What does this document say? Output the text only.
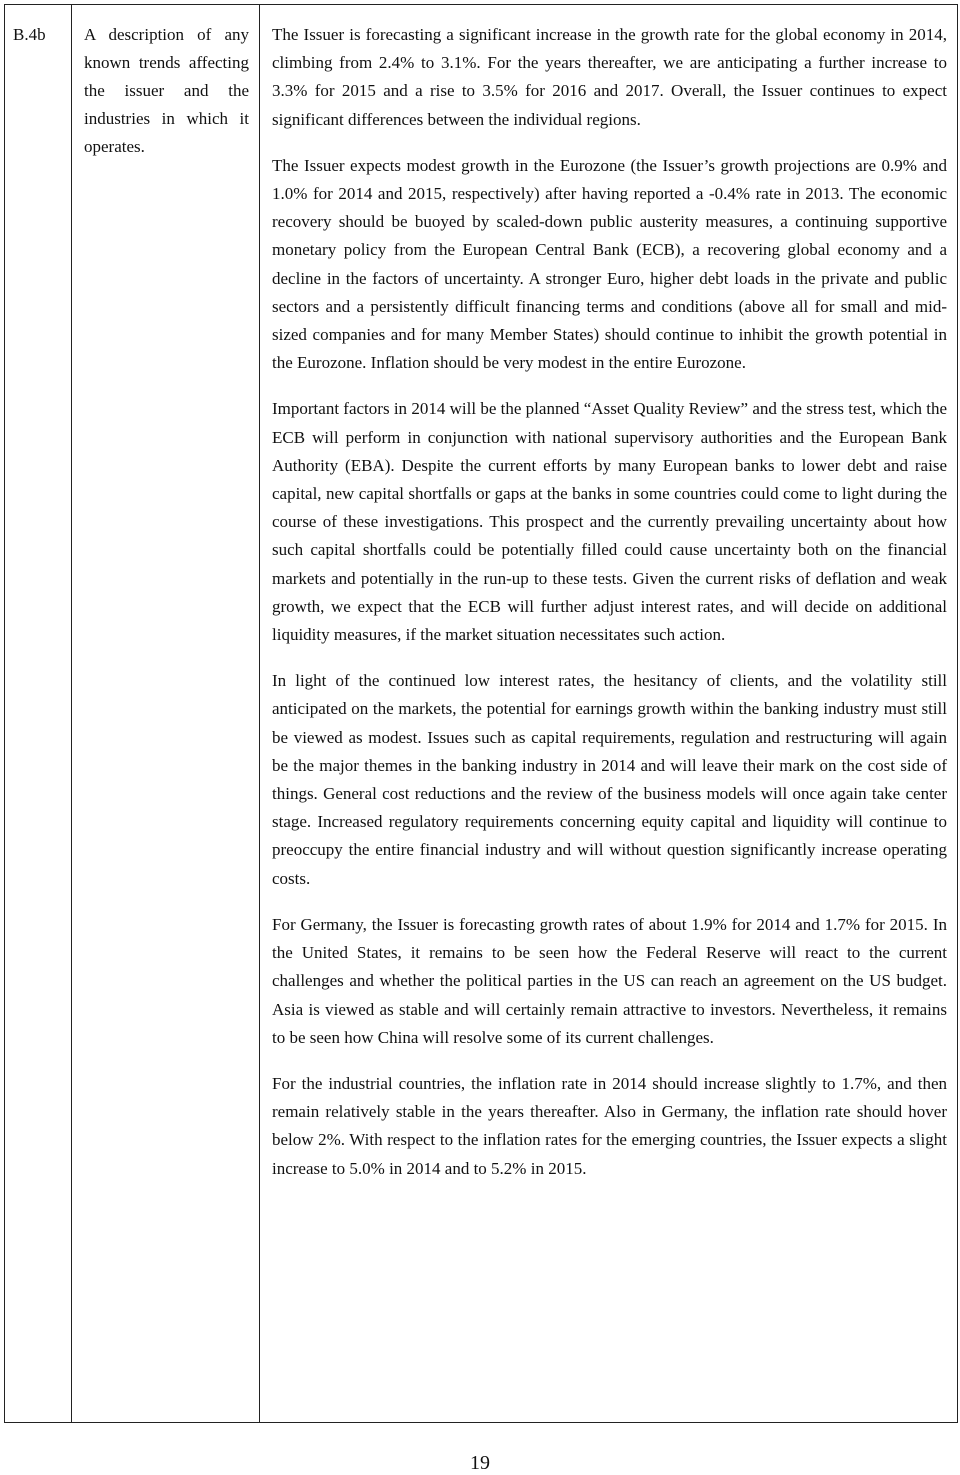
B.4b	A description of any known trends affecting the issuer and the industries in which it operates.	

The Issuer is forecasting a significant increase in the growth rate for the global economy in 2014, climbing from 2.4% to 3.1%. For the years thereafter, we are anticipating a further increase to 3.3% for 2015 and a rise to 3.5% for 2016 and 2017. Overall, the Issuer continues to expect significant differences between the individual regions.

The Issuer expects modest growth in the Eurozone (the Issuer’s growth projections are 0.9% and 1.0% for 2014 and 2015, respectively) after having reported a -0.4% rate in 2013. The economic recovery should be buoyed by scaled-down public austerity measures, a continuing supportive monetary policy from the European Central Bank (ECB), a recovering global economy and a decline in the factors of uncertainty. A stronger Euro, higher debt loads in the private and public sectors and a persistently difficult financing terms and conditions (above all for small and mid-sized companies and for many Member States) should continue to inhibit the growth potential in the Eurozone. Inflation should be very modest in the entire Eurozone.

Important factors in 2014 will be the planned “Asset Quality Review” and the stress test, which the ECB will perform in conjunction with national supervisory authorities and the European Bank Authority (EBA). Despite the current efforts by many European banks to lower debt and raise capital, new capital shortfalls or gaps at the banks in some countries could come to light during the course of these investigations. This prospect and the currently prevailing uncertainty about how such capital shortfalls could be potentially filled could cause uncertainty both on the financial markets and potentially in the run-up to these tests. Given the current risks of deflation and weak growth, we expect that the ECB will further adjust interest rates, and will decide on additional liquidity measures, if the market situation necessitates such action.

In light of the continued low interest rates, the hesitancy of clients, and the volatility still anticipated on the markets, the potential for earnings growth within the banking industry must still be viewed as modest. Issues such as capital requirements, regulation and restructuring will again be the major themes in the banking industry in 2014 and will leave their mark on the cost side of things. General cost reductions and the review of the business models will once again take center stage. Increased regulatory requirements concerning equity capital and liquidity will continue to preoccupy the entire financial industry and will without question significantly increase operating costs.

For Germany, the Issuer is forecasting growth rates of about 1.9% for 2014 and 1.7% for 2015. In the United States, it remains to be seen how the Federal Reserve will react to the current challenges and whether the political parties in the US can reach an agreement on the US budget. Asia is viewed as stable and will certainly remain attractive to investors. Nevertheless, it remains to be seen how China will resolve some of its current challenges.

For the industrial countries, the inflation rate in 2014 should increase slightly to 1.7%, and then remain relatively stable in the years thereafter. Also in Germany, the inflation rate should hover below 2%. With respect to the inflation rates for the emerging countries, the Issuer expects a slight increase to 5.0% in 2014 and to 5.2% in 2015.

19
